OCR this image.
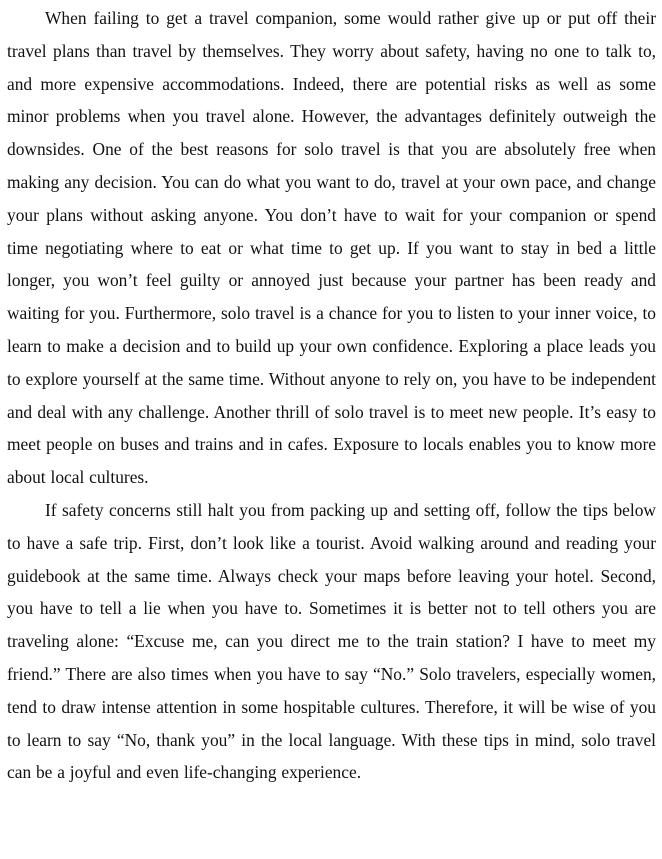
When failing to get a travel companion, some would rather give up or put off their travel plans than travel by themselves. They worry about safety, having no one to talk to, and more expensive accommodations. Indeed, there are potential risks as well as some minor problems when you travel alone. However, the advantages definitely outweigh the downsides. One of the best reasons for solo travel is that you are absolutely free when making any decision. You can do what you want to do, travel at your own pace, and change your plans without asking anyone. You don’t have to wait for your companion or spend time negotiating where to eat or what time to get up. If you want to stay in bed a little longer, you won’t feel guilty or annoyed just because your partner has been ready and waiting for you. Furthermore, solo travel is a chance for you to listen to your inner voice, to learn to make a decision and to build up your own confidence. Exploring a place leads you to explore yourself at the same time. Without anyone to rely on, you have to be independent and deal with any challenge. Another thrill of solo travel is to meet new people. It’s easy to meet people on buses and trains and in cafes. Exposure to locals enables you to know more about local cultures.

If safety concerns still halt you from packing up and setting off, follow the tips below to have a safe trip. First, don’t look like a tourist. Avoid walking around and reading your guidebook at the same time. Always check your maps before leaving your hotel. Second, you have to tell a lie when you have to. Sometimes it is better not to tell others you are traveling alone: “Excuse me, can you direct me to the train station? I have to meet my friend.” There are also times when you have to say “No.” Solo travelers, especially women, tend to draw intense attention in some hospitable cultures. Therefore, it will be wise of you to learn to say “No, thank you” in the local language. With these tips in mind, solo travel can be a joyful and even life-changing experience.
